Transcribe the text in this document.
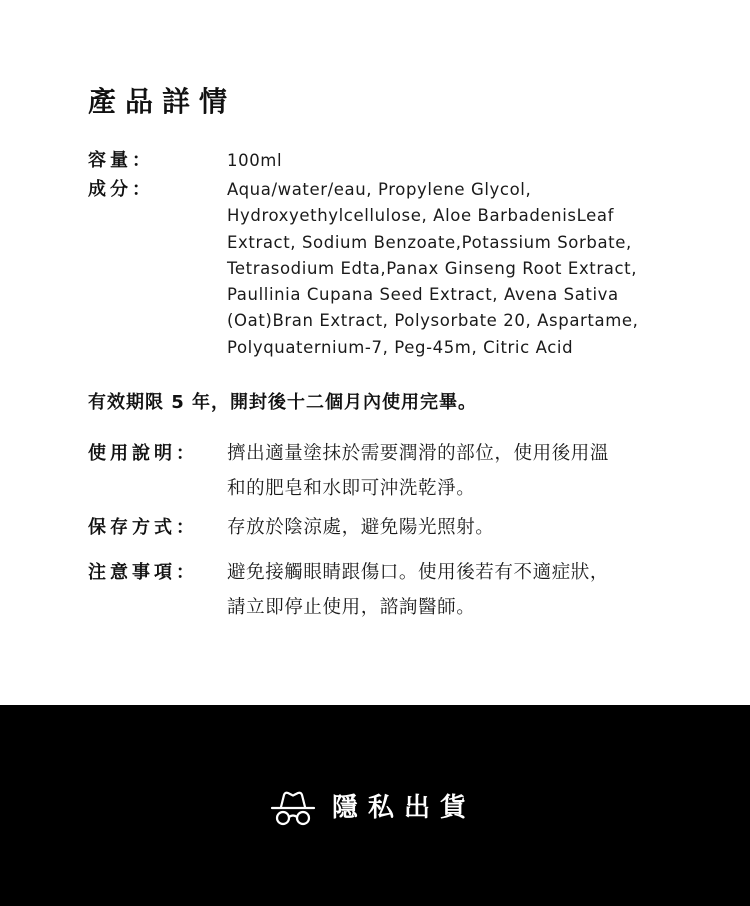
產品詳情
容量：	100ml
成分：	Aqua/water/eau, Propylene Glycol,
Hydroxyethylcellulose, Aloe BarbadenisLeaf
Extract, Sodium Benzoate,Potassium Sorbate,
Tetrasodium Edta,Panax Ginseng Root Extract,
Paullinia Cupana Seed Extract, Avena Sativa
(Oat)Bran Extract, Polysorbate 20, Aspartame,
Polyquaternium-7, Peg-45m, Citric Acid
有效期限 5 年，開封後十二個月內使用完畢。
使用說明： 擠出適量塗抹於需要潤滑的部位，使用後用溫
和的肥皂和水即可沖洗乾淨。
保存方式： 存放於陰涼處，避免陽光照射。
注意事項： 避免接觸眼睛跟傷口。使用後若有不適症狀，
請立即停止使用，諮詢醫師。
隱私出貨
